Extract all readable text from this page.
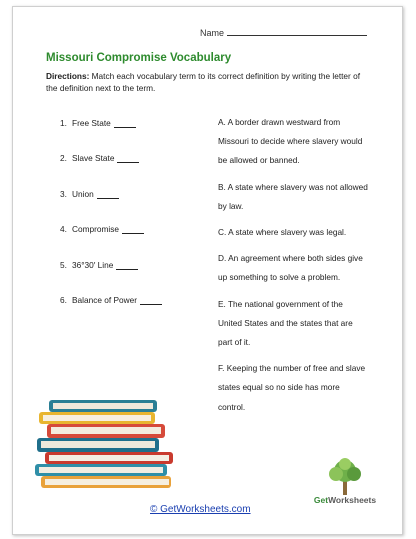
Name
Missouri Compromise Vocabulary
Directions: Match each vocabulary term to its correct definition by writing the letter of the definition next to the term.
1. Free State
2. Slave State
3. Union
4. Compromise
5. 36°30′ Line
6. Balance of Power
A. A border drawn westward from Missouri to decide where slavery would be allowed or banned.
B. A state where slavery was not allowed by law.
C. A state where slavery was legal.
D. An agreement where both sides give up something to solve a problem.
E. The national government of the United States and the states that are part of it.
F. Keeping the number of free and slave states equal so no side has more control.
© GetWorksheets.com
GetWorksheets
